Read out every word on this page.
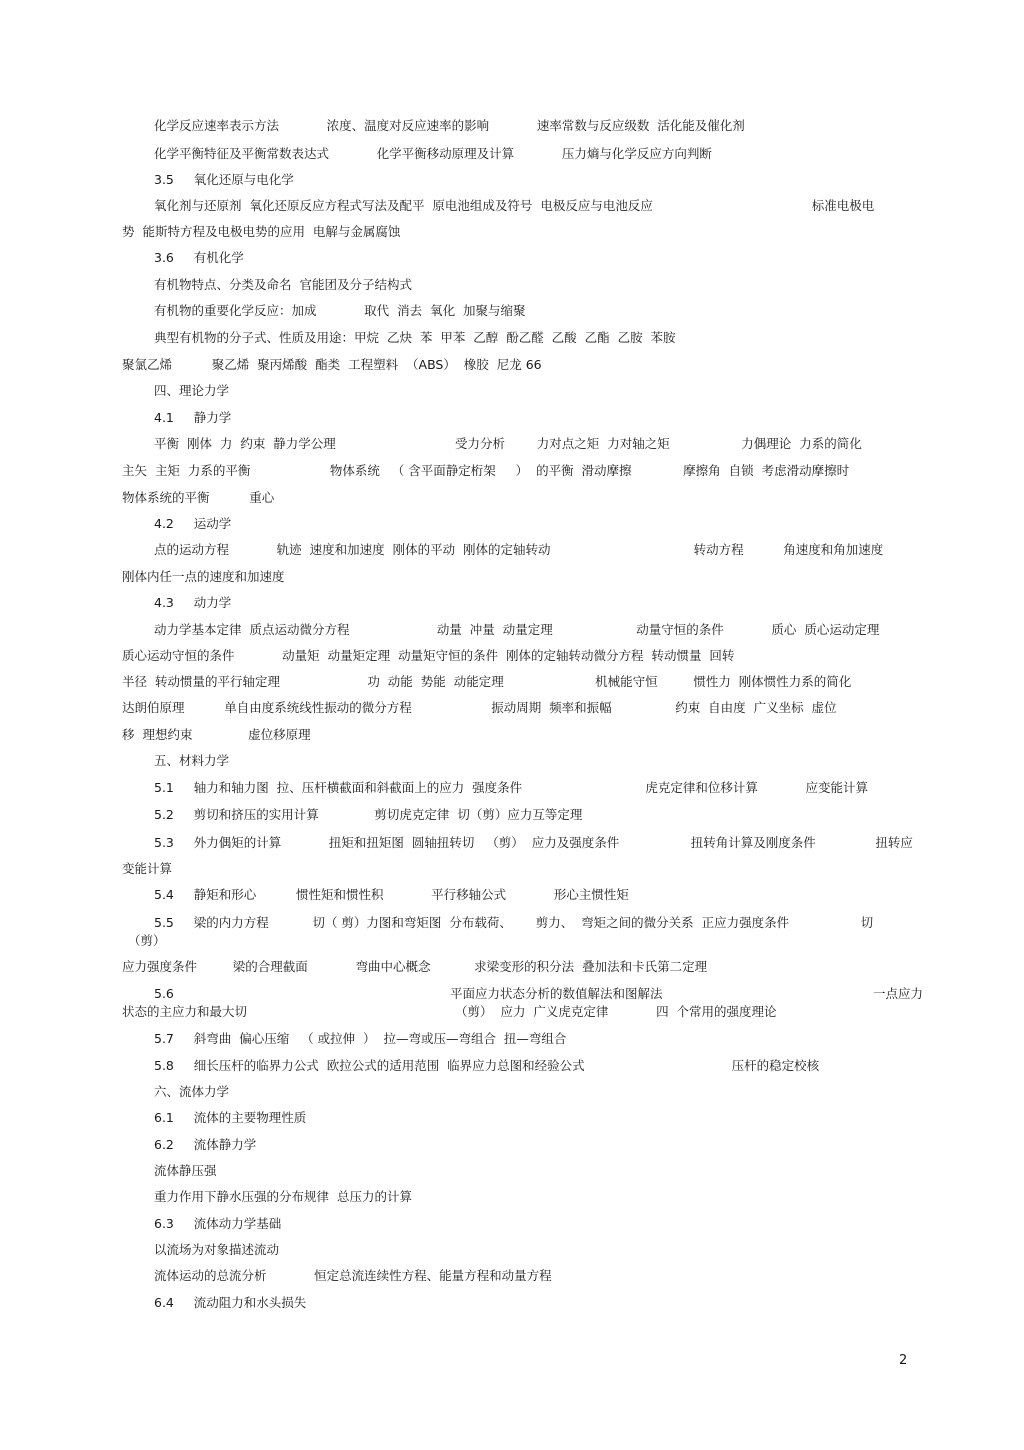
化学反应速率表示方法            浓度、温度对反应速率的影响            速率常数与反应级数  活化能及催化剂
化学平衡特征及平衡常数表达式            化学平衡移动原理及计算            压力熵与化学反应方向判断
3.5     氧化还原与电化学
氧化剂与还原剂  氧化还原反应方程式写法及配平  原电池组成及符号  电极反应与电池反应                                        标准电极电
势  能斯特方程及电极电势的应用  电解与金属腐蚀
3.6     有机化学
有机物特点、分类及命名  官能团及分子结构式
有机物的重要化学反应：加成            取代  消去  氧化  加聚与缩聚
典型有机物的分子式、性质及用途：甲烷  乙炔  苯  甲苯  乙醇  酚乙醛  乙酸  乙酯  乙胺  苯胺
聚氯乙烯          聚乙烯  聚丙烯酸  酯类  工程塑料  （ABS）  橡胶  尼龙 66
四、理论力学
4.1     静力学
平衡  刚体  力  约束  静力学公理                              受力分析        力对点之矩  力对轴之矩                  力偶理论  力系的简化
主矢  主矩  力系的平衡                    物体系统   （ 含平面静定桁架     ）  的平衡  滑动摩擦             摩擦角  自锁  考虑滑动摩擦时
物体系统的平衡          重心
4.2     运动学
点的运动方程            轨迹  速度和加速度  刚体的平动  刚体的定轴转动                                    转动方程          角速度和角加速度
刚体内任一点的速度和加速度
4.3     动力学
动力学基本定律  质点运动微分方程                      动量  冲量  动量定理                     动量守恒的条件            质心  质心运动定理
质心运动守恒的条件            动量矩  动量矩定理  动量矩守恒的条件  刚体的定轴转动微分方程  转动惯量  回转
半径  转动惯量的平行轴定理                      功  动能  势能  动能定理                       机械能守恒         惯性力  刚体惯性力系的简化
达朗伯原理          单自由度系统线性振动的微分方程                    振动周期  频率和振幅                约束  自由度  广义坐标  虚位
移  理想约束              虚位移原理
五、材料力学
5.1     轴力和轴力图  拉、压杆横截面和斜截面上的应力  强度条件                               虎克定律和位移计算            应变能计算
5.2     剪切和挤压的实用计算              剪切虎克定律  切（剪）应力互等定理
5.3     外力偶矩的计算            扭矩和扭矩图  圆轴扭转切   （剪）  应力及强度条件                  扭转角计算及刚度条件               扭转应
变能计算
5.4     静矩和形心          惯性矩和惯性积            平行移轴公式            形心主惯性矩
5.5     梁的内力方程           切（ 剪）力图和弯矩图  分布载荷、      剪力、  弯矩之间的微分关系  正应力强度条件                  切
（剪）
应力强度条件         梁的合理截面            弯曲中心概念           求梁变形的积分法  叠加法和卡氏第二定理
5.6	平面应力状态分析的数值解法和图解法	一点应力
状态的主应力和最大切	（剪）  应力  广义虎克定律            四  个常用的强度理论
5.7     斜弯曲  偏心压缩   （ 或拉伸  ）  拉—弯或压—弯组合  扭—弯组合
5.8     细长压杆的临界力公式  欧拉公式的适用范围  临界应力总图和经验公式                                     压杆的稳定校核
六、流体力学
6.1     流体的主要物理性质
6.2     流体静力学
流体静压强
重力作用下静水压强的分布规律  总压力的计算
6.3     流体动力学基础
以流场为对象描述流动
流体运动的总流分析            恒定总流连续性方程、能量方程和动量方程
6.4     流动阻力和水头损失
2
